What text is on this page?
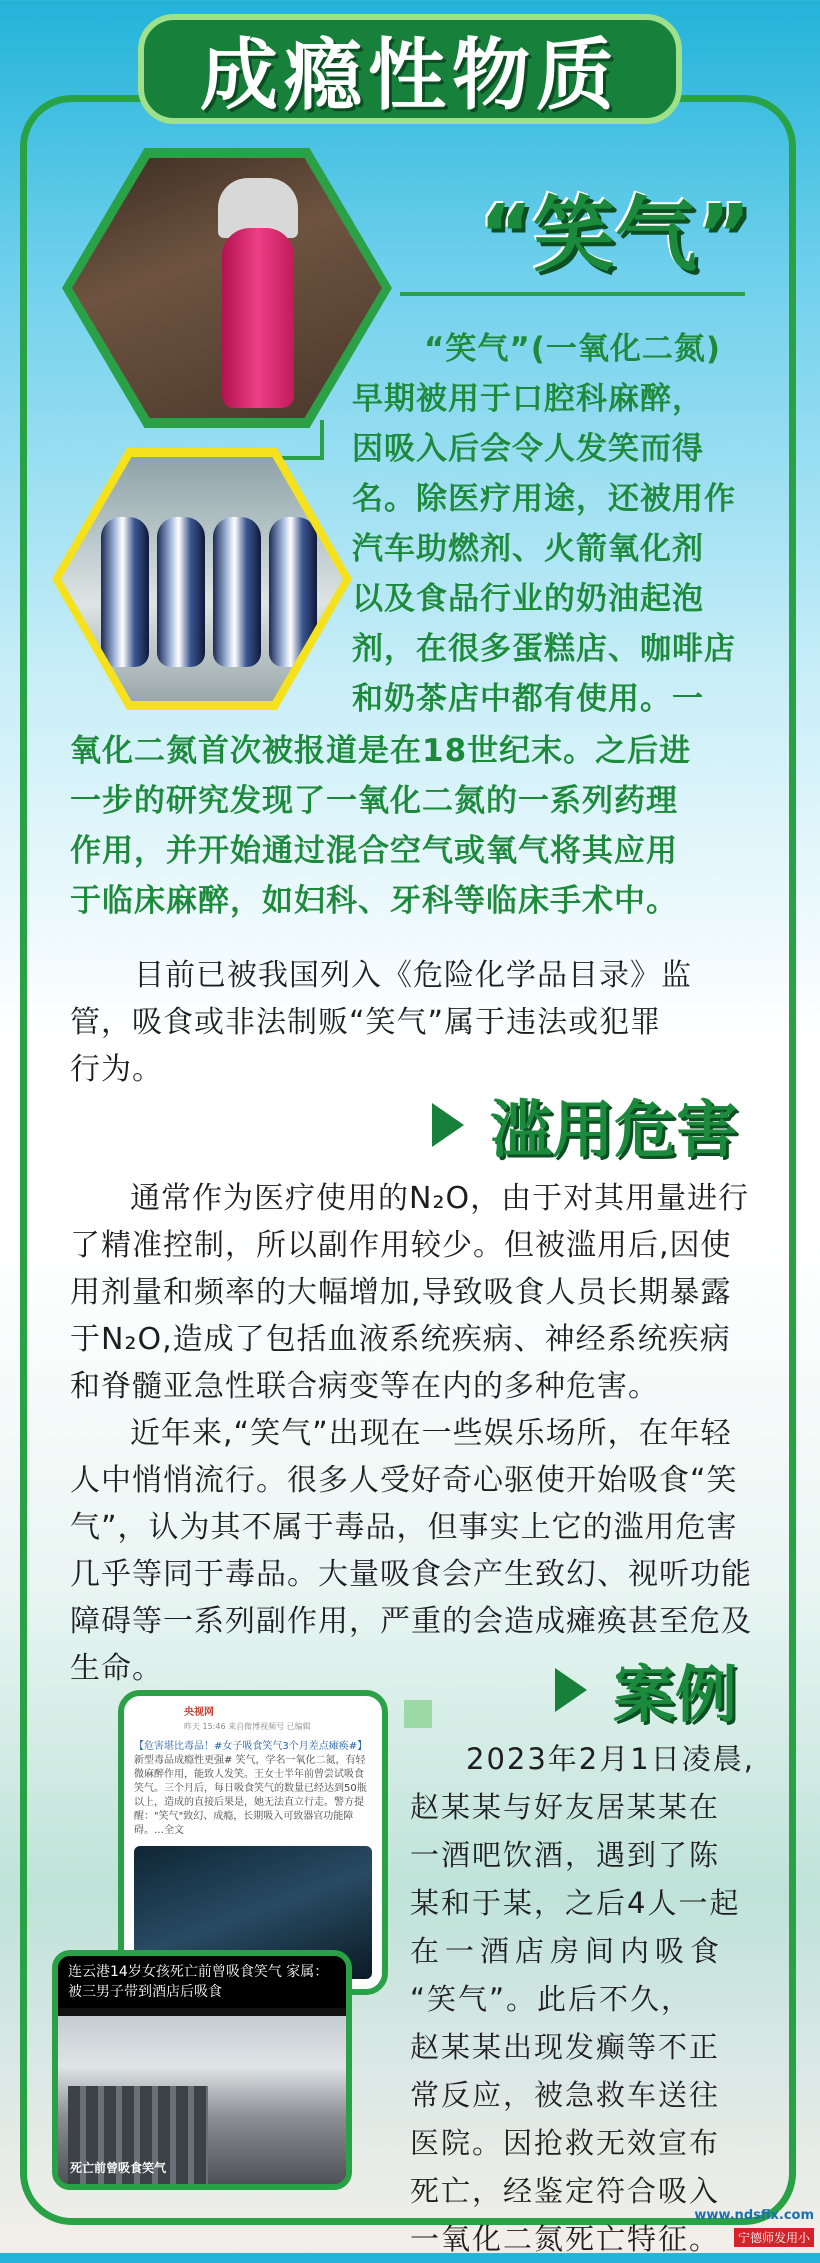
成瘾性物质
“笑气”
“笑气”(一氧化二氮)
早期被用于口腔科麻醉，
因吸入后会令人发笑而得
名。除医疗用途，还被用作
汽车助燃剂、火箭氧化剂
以及食品行业的奶油起泡
剂，在很多蛋糕店、咖啡店
和奶茶店中都有使用。一
氧化二氮首次被报道是在18世纪末。之后进
一步的研究发现了一氧化二氮的一系列药理
作用，并开始通过混合空气或氧气将其应用
于临床麻醉，如妇科、牙科等临床手术中。
目前已被我国列入《危险化学品目录》监
管，吸食或非法制贩“笑气”属于违法或犯罪
行为。
滥用危害
通常作为医疗使用的N₂O，由于对其用量进行
了精准控制，所以副作用较少。但被滥用后,因使
用剂量和频率的大幅增加,导致吸食人员长期暴露
于N₂O,造成了包括血液系统疾病、神经系统疾病
和脊髓亚急性联合病变等在内的多种危害。
近年来,“笑气”出现在一些娱乐场所，在年轻
人中悄悄流行。很多人受好奇心驱使开始吸食“笑
气”，认为其不属于毒品，但事实上它的滥用危害
几乎等同于毒品。大量吸食会产生致幻、视听功能
障碍等一系列副作用，严重的会造成瘫痪甚至危及
生命。	案例
央视网
昨天 15:46 来自微博视频号 已编辑
【危害堪比毒品！#女子吸食笑气3个月差点瘫痪#】
新型毒品成瘾性更强# 笑气，学名一氧化二氮，有轻微麻醉作用，能致人发笑。王女士半年前曾尝试吸食笑气。三个月后，每日吸食笑气的数量已经达到50瓶以上，造成的直接后果是，她无法直立行走。警方提醒："笑气"致幻、成瘾，长期吸入可致器官功能障碍。…全文
连云港14岁女孩死亡前曾吸食笑气 家属：被三男子带到酒店后吸食
死亡前曾吸食笑气
2023年2月1日凌晨,
赵某某与好友居某某在
一酒吧饮酒，遇到了陈
某和于某，之后4人一起
在一酒店房间内吸食
“笑气”。此后不久，
赵某某出现发癫等不正
常反应，被急救车送往
医院。因抢救无效宣布
死亡，经鉴定符合吸入
一氧化二氮死亡特征。
www.ndsfix.com
宁德师发用小
